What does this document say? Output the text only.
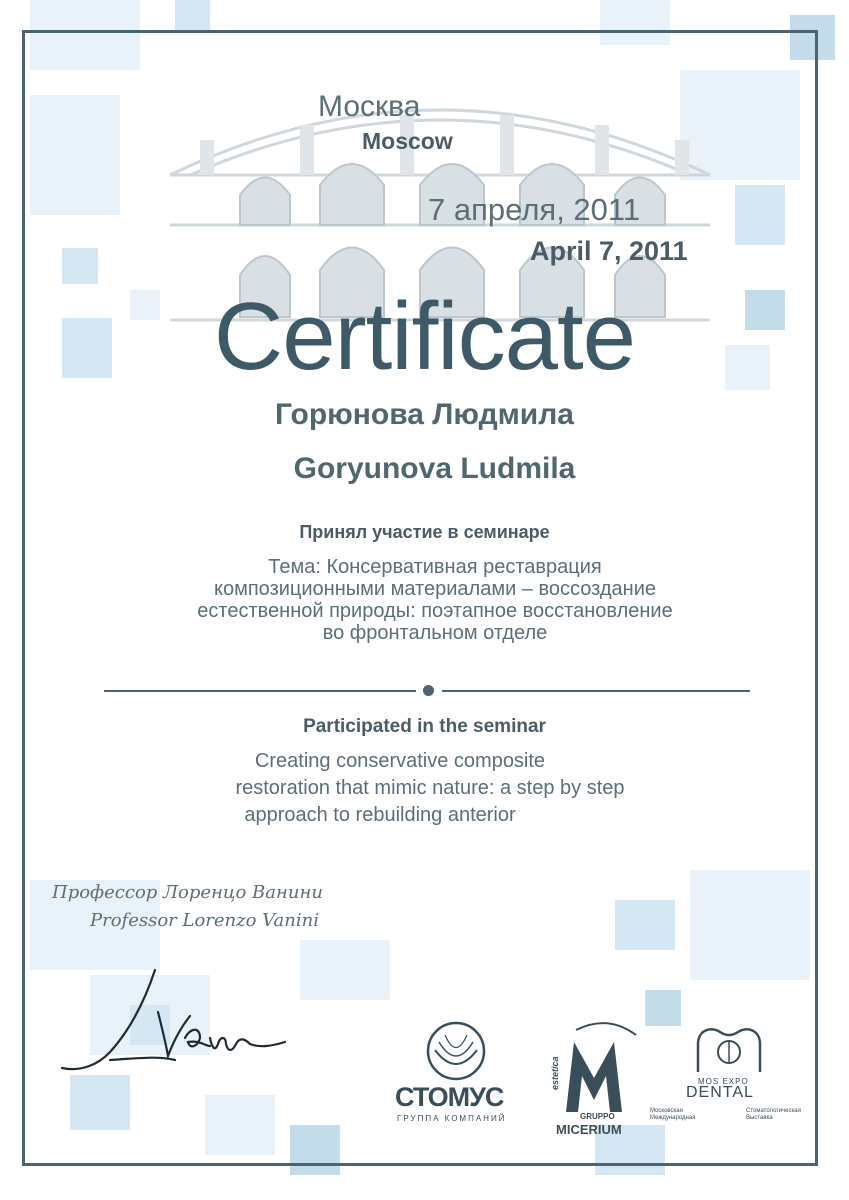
Москва
Moscow
7 апреля, 2011
April 7, 2011
Certificate
Горюнова Людмила
Goryunova Ludmila
Принял участие в семинаре
Тема: Консервативная реставрация
композиционными материалами – воссоздание
естественной природы: поэтапное восстановление
во фронтальном отделе
Participated in the seminar
Creating conservative composite
restoration that mimic nature: a step by step
approach to rebuilding anterior
Профессор Лоренцо Ванини
Professor Lorenzo Vanini
СТОМУС
ГРУППА КОМПАНИЙ
estetica
GRUPPO
MICERIUM
MOS EXPO
DENTAL
Московская Международная
Стоматологическая Выставка
